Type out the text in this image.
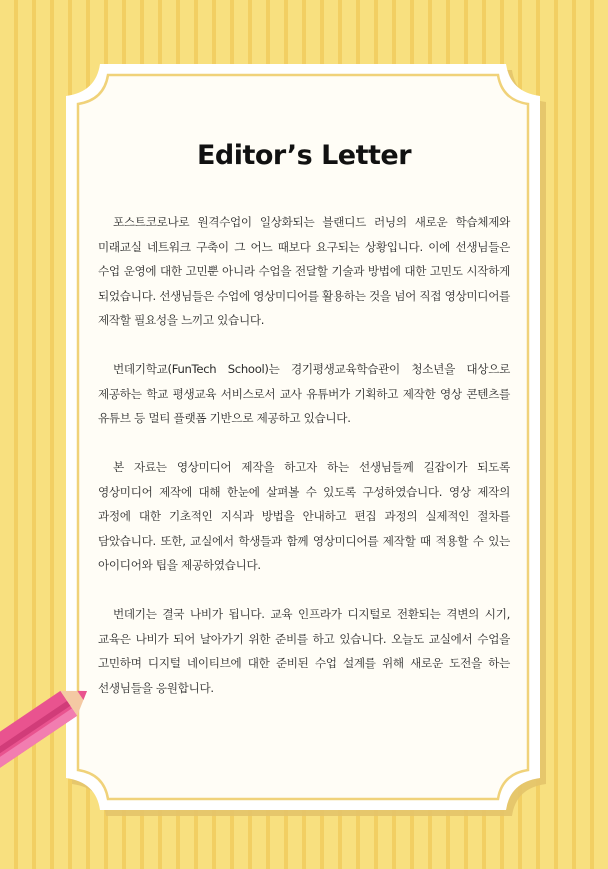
Editor’s Letter

포스트코로나로 원격수업이 일상화되는 블랜디드 러닝의 새로운 학습체제와 미래교실 네트워크 구축이 그 어느 때보다 요구되는 상황입니다. 이에 선생님들은 수업 운영에 대한 고민뿐 아니라 수업을 전달할 기술과 방법에 대한 고민도 시작하게 되었습니다. 선생님들은 수업에 영상미디어를 활용하는 것을 넘어 직접 영상미디어를 제작할 필요성을 느끼고 있습니다.

번데기학교(FunTech School)는 경기평생교육학습관이 청소년을 대상으로 제공하는 학교 평생교육 서비스로서 교사 유튜버가 기획하고 제작한 영상 콘텐츠를 유튜브 등 멀티 플랫폼 기반으로 제공하고 있습니다.

본 자료는 영상미디어 제작을 하고자 하는 선생님들께 길잡이가 되도록 영상미디어 제작에 대해 한눈에 살펴볼 수 있도록 구성하였습니다. 영상 제작의 과정에 대한 기초적인 지식과 방법을 안내하고 편집 과정의 실제적인 절차를 담았습니다. 또한, 교실에서 학생들과 함께 영상미디어를 제작할 때 적용할 수 있는 아이디어와 팁을 제공하였습니다.

번데기는 결국 나비가 됩니다. 교육 인프라가 디지털로 전환되는 격변의 시기, 교육은 나비가 되어 날아가기 위한 준비를 하고 있습니다. 오늘도 교실에서 수업을 고민하며 디지털 네이티브에 대한 준비된 수업 설계를 위해 새로운 도전을 하는 선생님들을 응원합니다.
